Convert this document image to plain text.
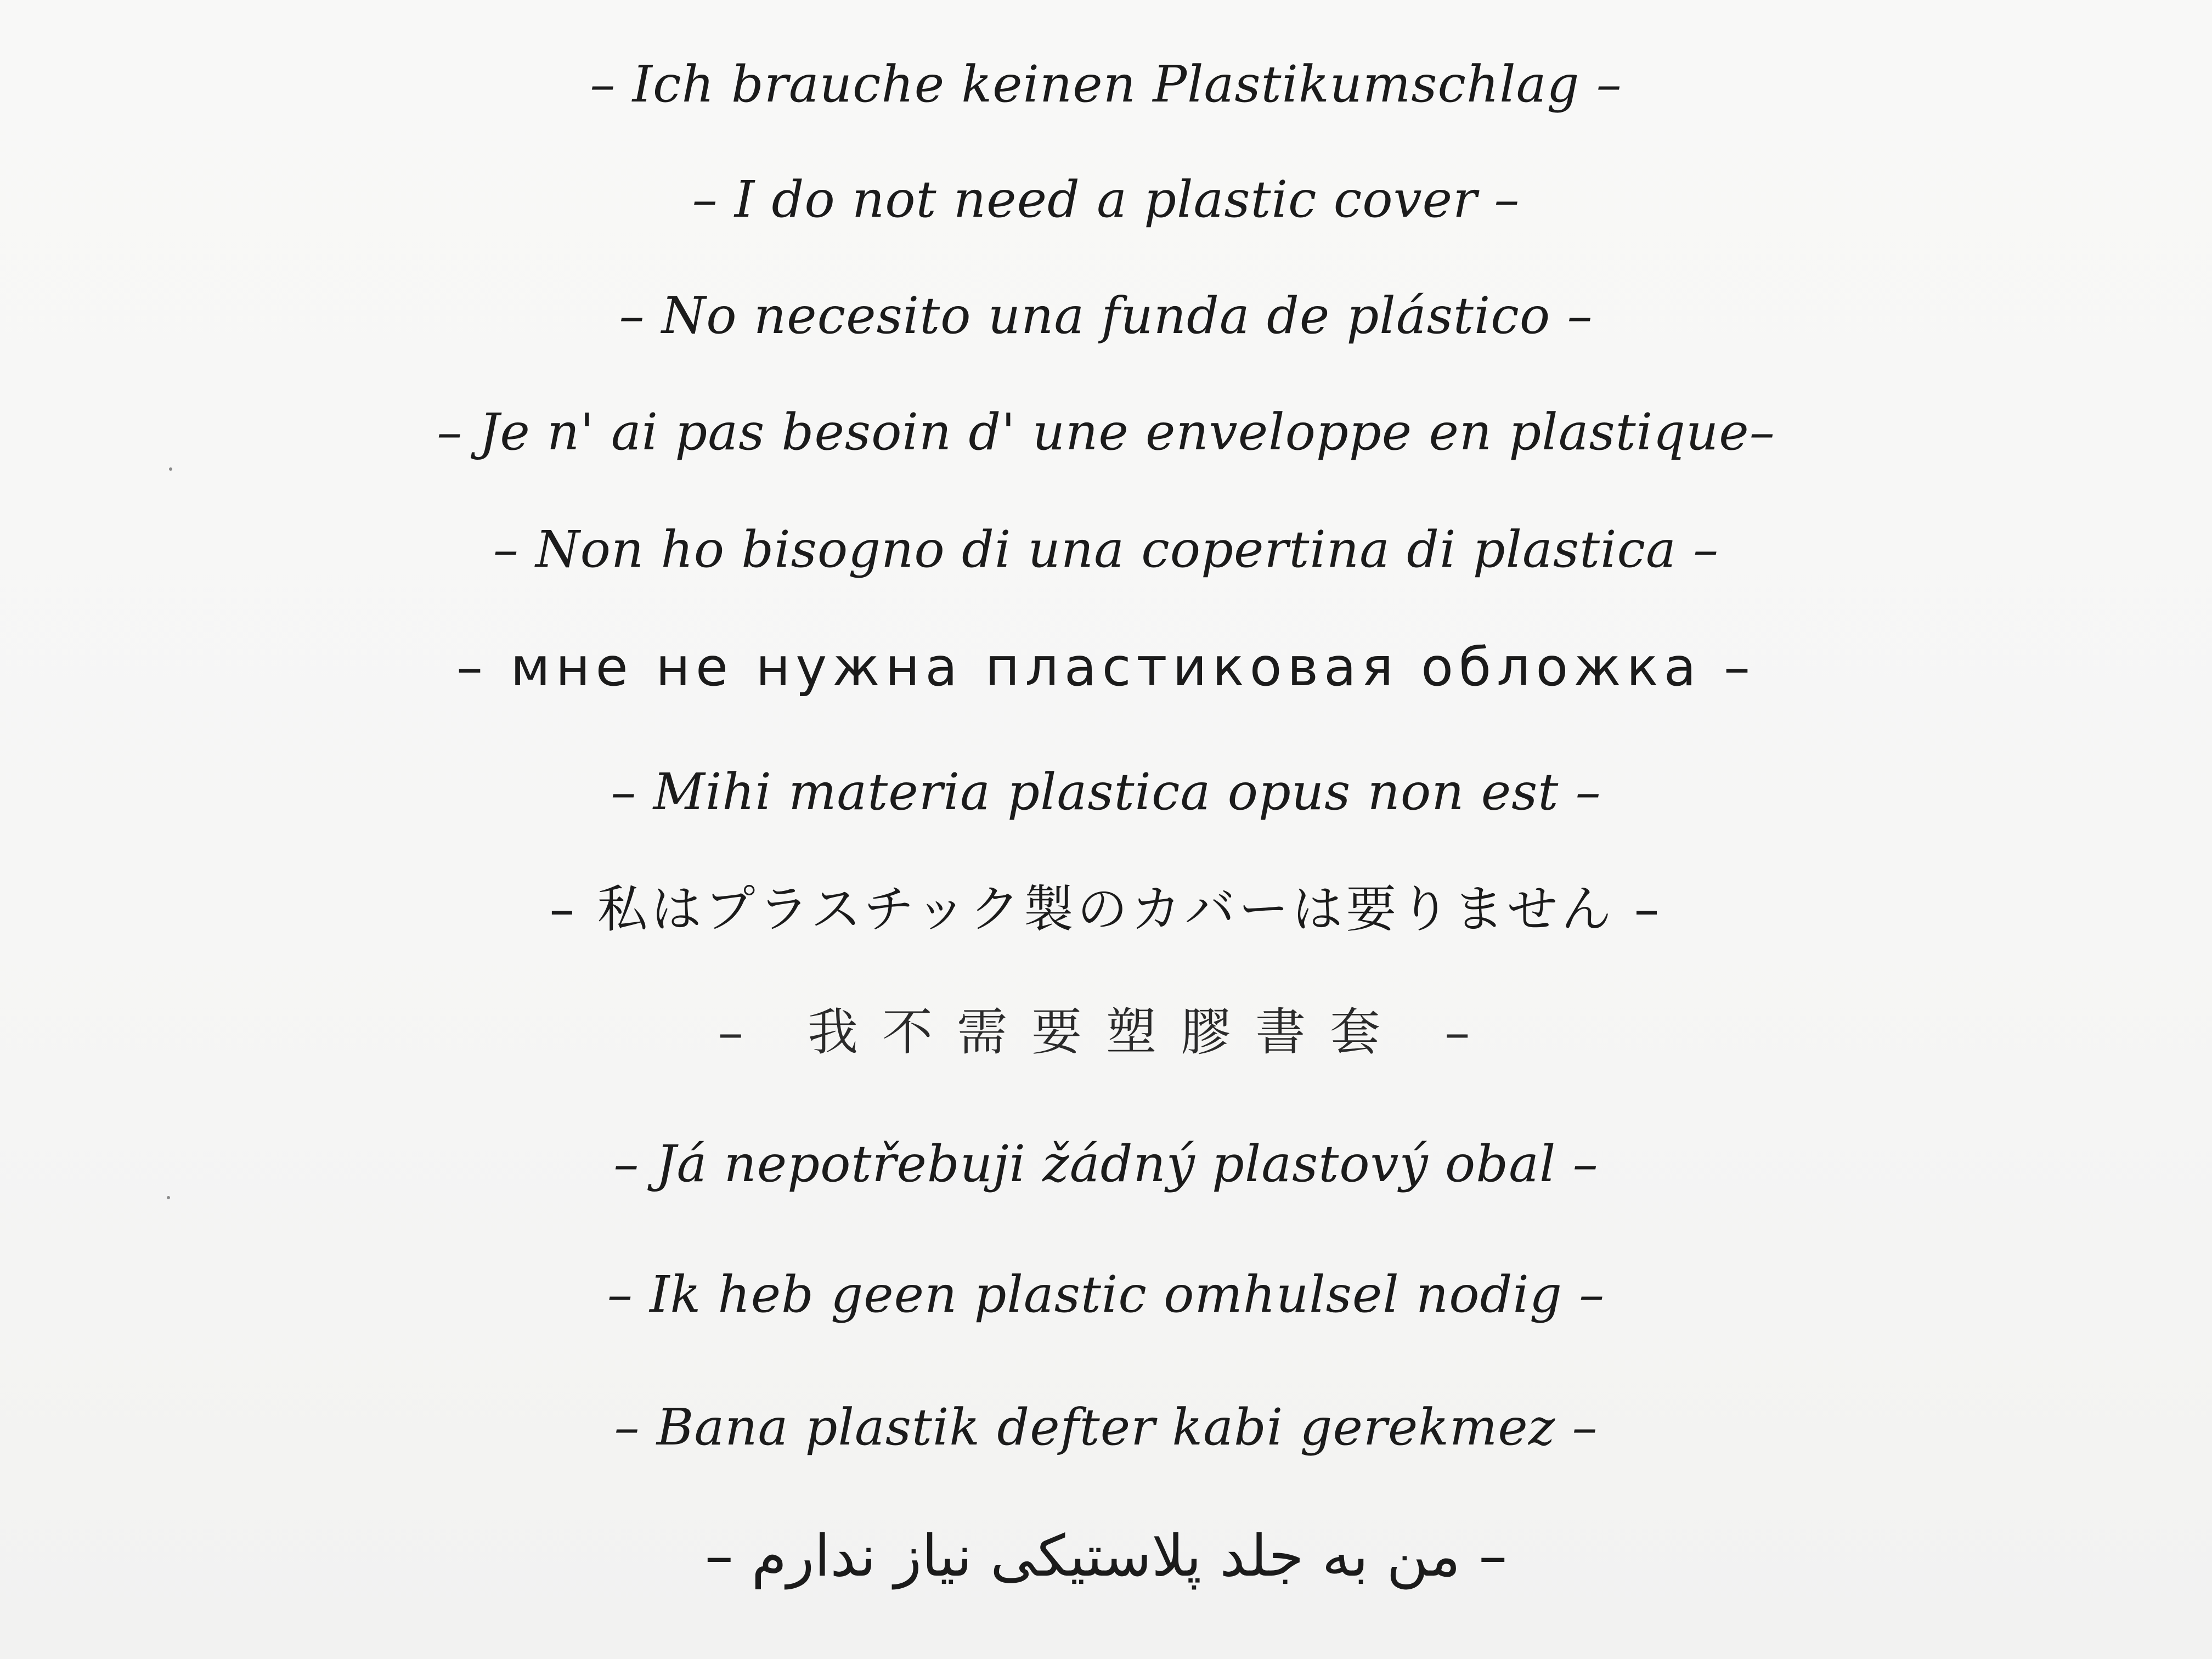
– Ich brauche keinen Plastikumschlag –
– I do not need a plastic cover –
– No necesito una funda de plástico –
– Je n' ai pas besoin d' une enveloppe en plastique–
– Non ho bisogno di una copertina di plastica –
– мне не нужна пластиковая обложка –
– Mihi materia plastica opus non est –
– 私はプラスチック製のカバーは要りません –
– 我不需要塑膠書套 –
– Já nepotřebuji žádný plastový obal –
– Ik heb geen plastic omhulsel nodig –
– Bana plastik defter kabi gerekmez –
– من به جلد پلاستیکی نیاز ندارم –
